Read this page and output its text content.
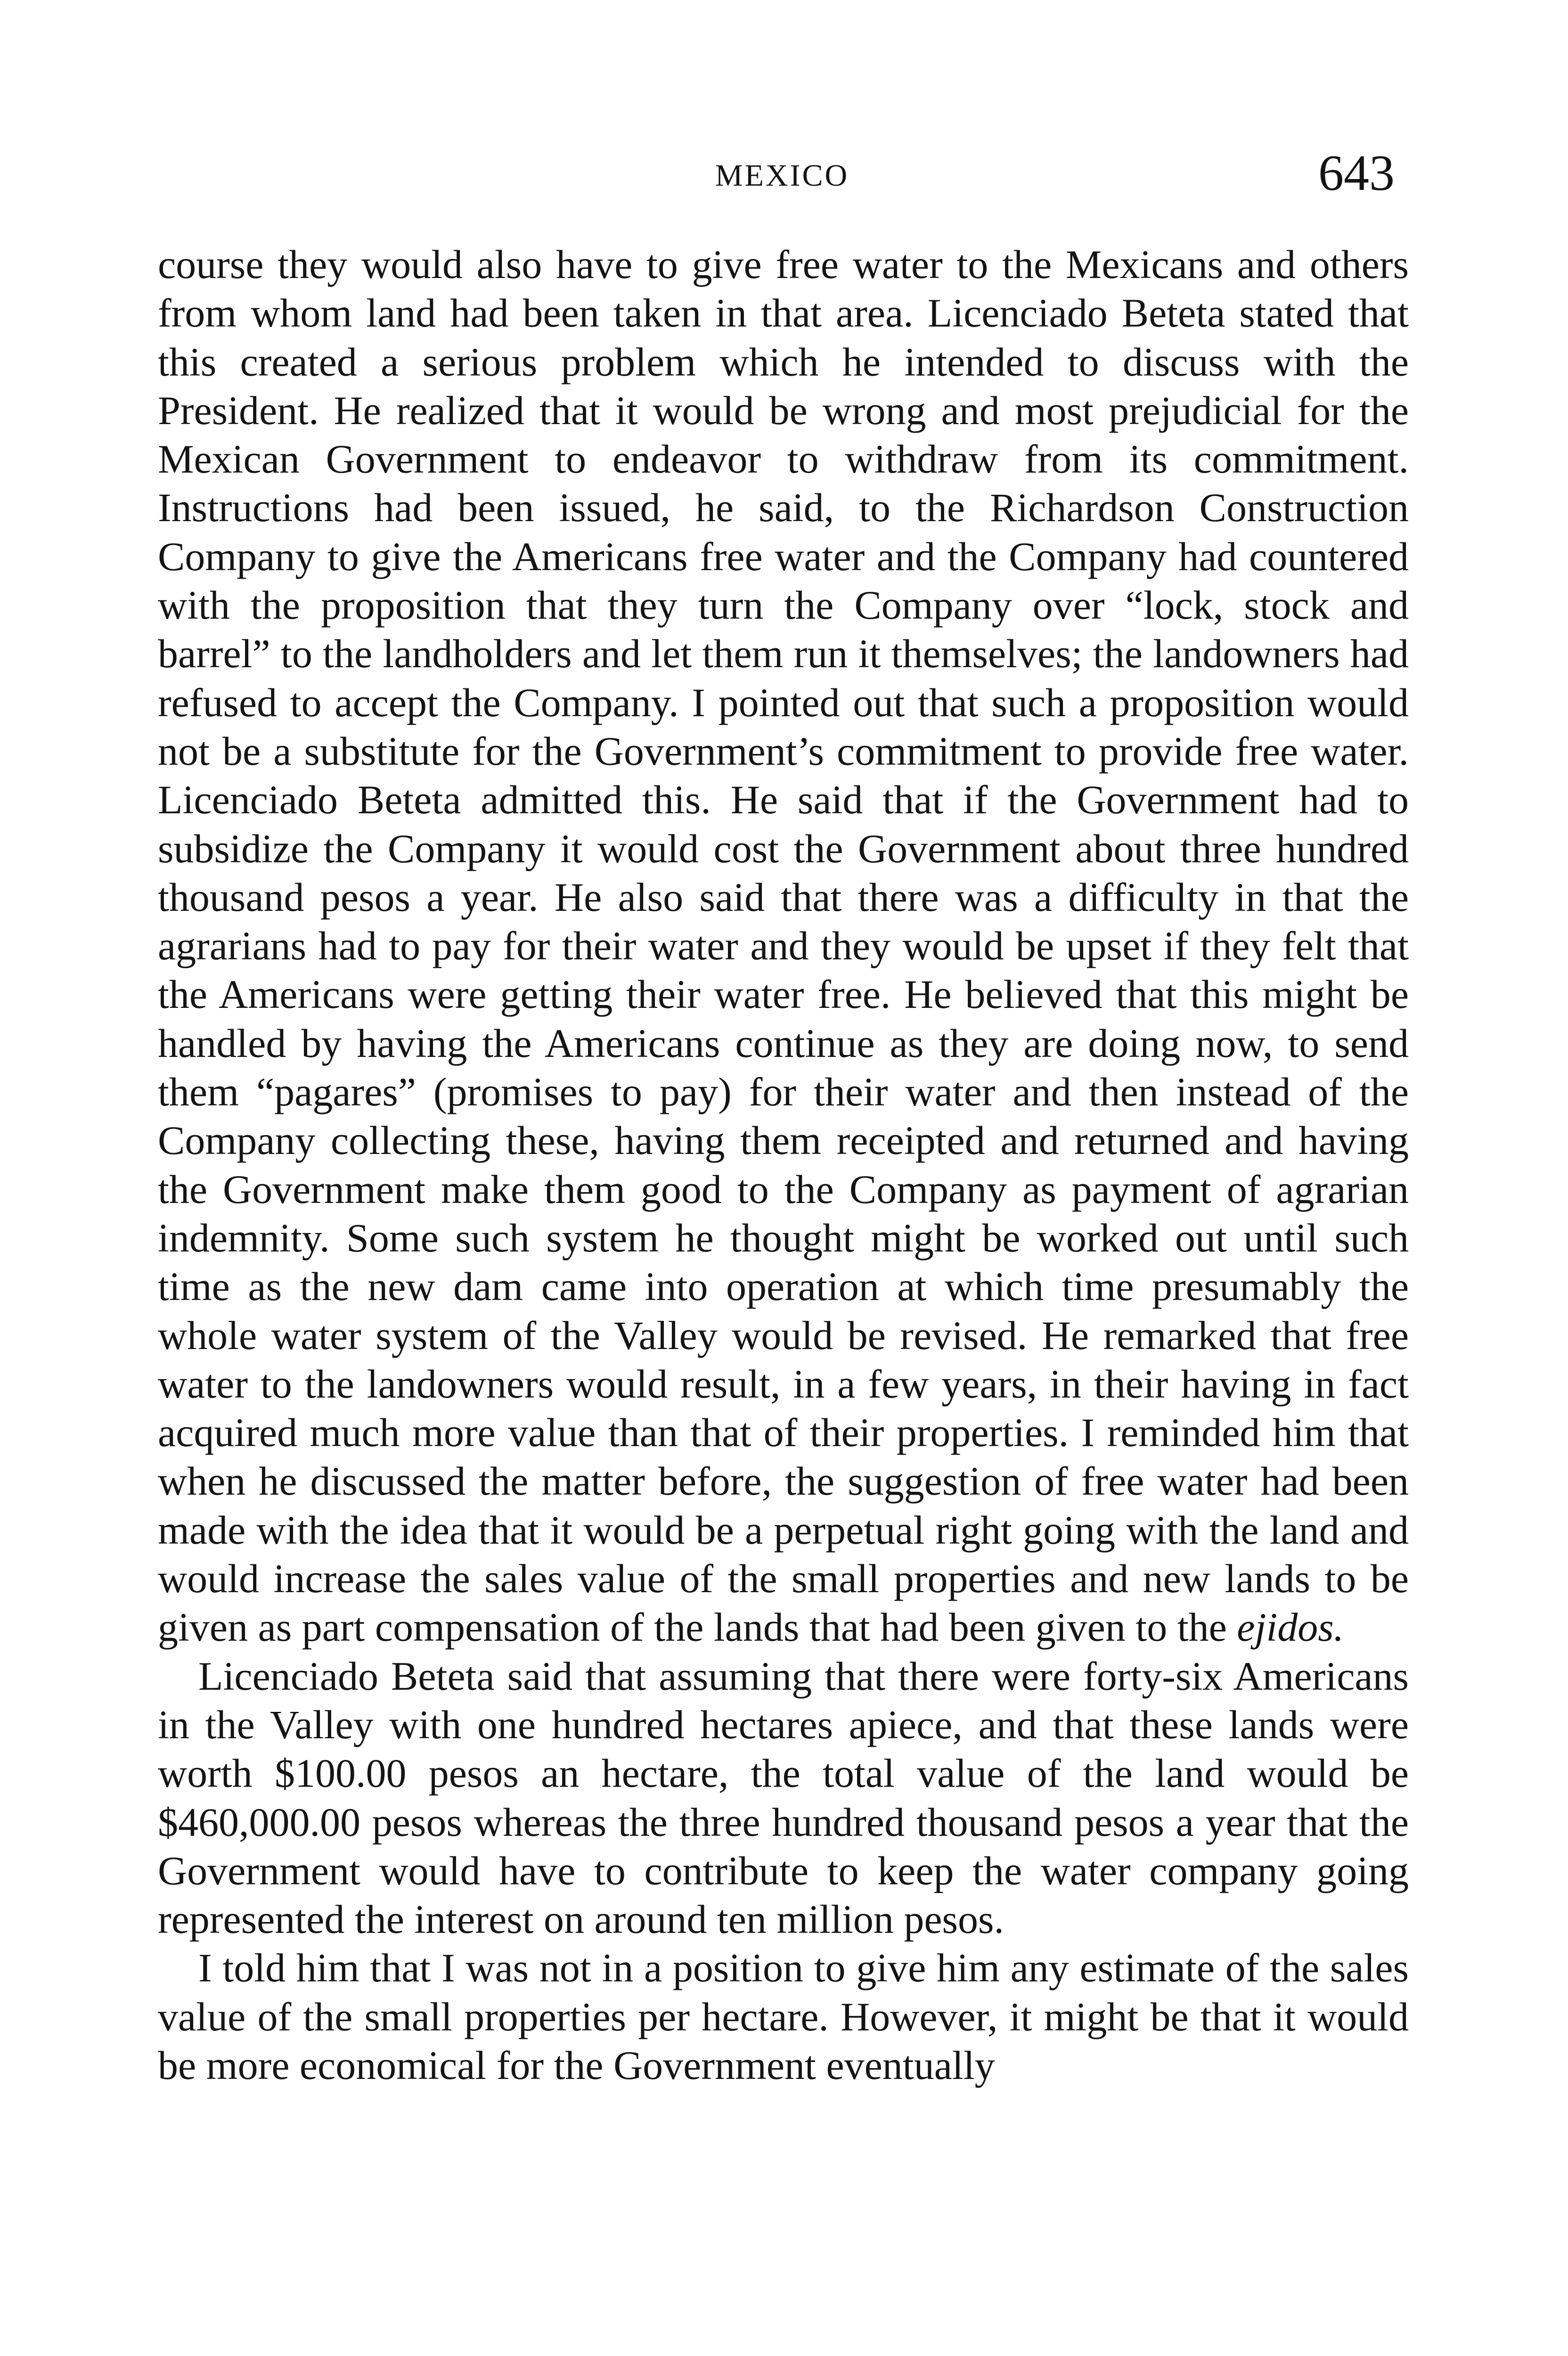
MEXICO	643

course they would also have to give free water to the Mexicans and others from whom land had been taken in that area. Licenciado Beteta stated that this created a serious problem which he intended to discuss with the President. He realized that it would be wrong and most prejudicial for the Mexican Government to endeavor to withdraw from its commitment. Instructions had been issued, he said, to the Richardson Construction Company to give the Americans free water and the Company had countered with the proposition that they turn the Company over “lock, stock and barrel” to the landholders and let them run it themselves; the landowners had refused to accept the Company. I pointed out that such a proposition would not be a substitute for the Government’s commitment to provide free water. Licenciado Beteta admitted this. He said that if the Government had to subsidize the Company it would cost the Government about three hundred thousand pesos a year. He also said that there was a difficulty in that the agrarians had to pay for their water and they would be upset if they felt that the Americans were getting their water free. He believed that this might be handled by having the Americans continue as they are doing now, to send them “pagares” (promises to pay) for their water and then instead of the Company collecting these, having them receipted and returned and having the Government make them good to the Company as payment of agrarian indemnity. Some such system he thought might be worked out until such time as the new dam came into operation at which time presumably the whole water system of the Valley would be revised. He remarked that free water to the landowners would result, in a few years, in their having in fact acquired much more value than that of their properties. I reminded him that when he discussed the matter before, the suggestion of free water had been made with the idea that it would be a perpetual right going with the land and would increase the sales value of the small properties and new lands to be given as part compensation of the lands that had been given to the ejidos.

Licenciado Beteta said that assuming that there were forty-six Americans in the Valley with one hundred hectares apiece, and that these lands were worth $100.00 pesos an hectare, the total value of the land would be $460,000.00 pesos whereas the three hundred thousand pesos a year that the Government would have to contribute to keep the water company going represented the interest on around ten million pesos.

I told him that I was not in a position to give him any estimate of the sales value of the small properties per hectare. However, it might be that it would be more economical for the Government eventually
